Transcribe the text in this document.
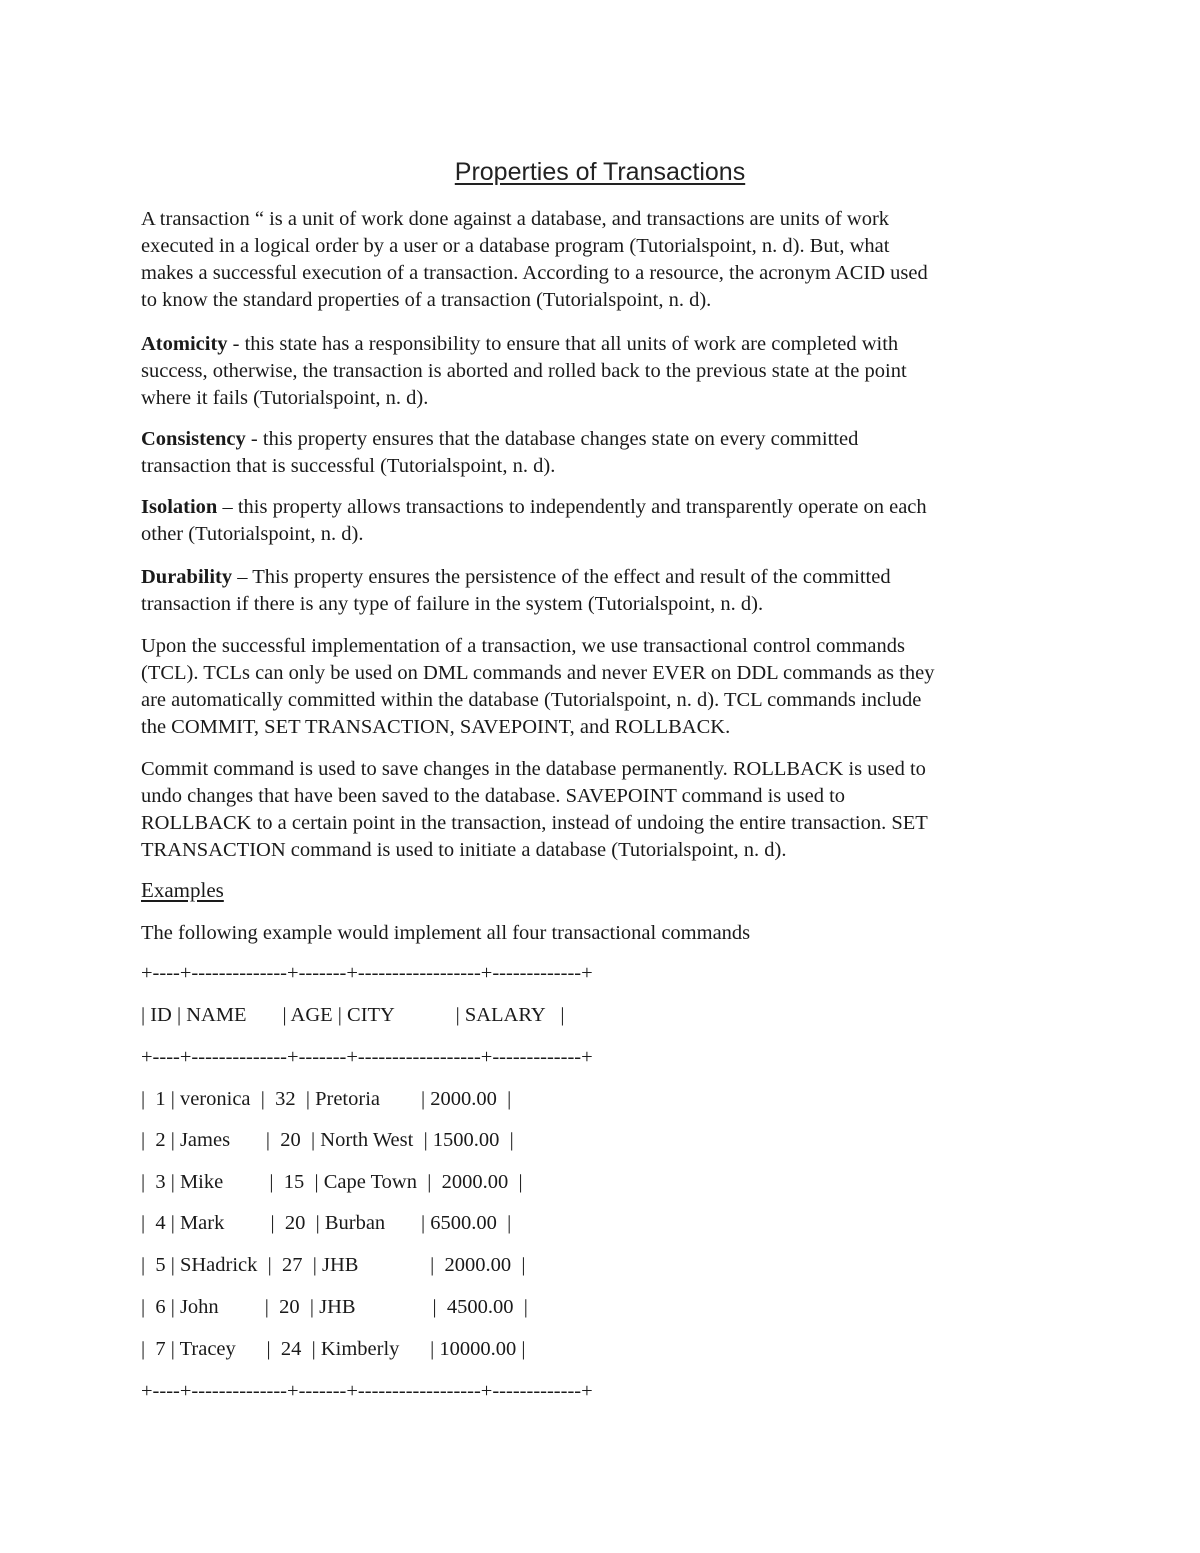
Properties of Transactions
A transaction “ is a unit of work done against a database, and transactions are units of work
executed in a logical order by a user or a database program (Tutorialspoint, n. d). But, what
makes a successful execution of a transaction. According to a resource, the acronym ACID used
to know the standard properties of a transaction (Tutorialspoint, n. d).
Atomicity - this state has a responsibility to ensure that all units of work are completed with
success, otherwise, the transaction is aborted and rolled back to the previous state at the point
where it fails (Tutorialspoint, n. d).
Consistency - this property ensures that the database changes state on every committed
transaction that is successful (Tutorialspoint, n. d).
Isolation – this property allows transactions to independently and transparently operate on each
other (Tutorialspoint, n. d).
Durability – This property ensures the persistence of the effect and result of the committed
transaction if there is any type of failure in the system (Tutorialspoint, n. d).
Upon the successful implementation of a transaction, we use transactional control commands
(TCL). TCLs can only be used on DML commands and never EVER on DDL commands as they
are automatically committed within the database (Tutorialspoint, n. d). TCL commands include
the COMMIT, SET TRANSACTION, SAVEPOINT, and ROLLBACK.
Commit command is used to save changes in the database permanently. ROLLBACK is used to
undo changes that have been saved to the database. SAVEPOINT command is used to
ROLLBACK to a certain point in the transaction, instead of undoing the entire transaction. SET
TRANSACTION command is used to initiate a database (Tutorialspoint, n. d).
Examples
The following example would implement all four transactional commands
+----+--------------+-------+------------------+-------------+
| ID | NAME       | AGE | CITY            | SALARY   |
+----+--------------+-------+------------------+-------------+
|  1 | veronica  |  32  | Pretoria        | 2000.00  |
|  2 | James       |  20  | North West  | 1500.00  |
|  3 | Mike         |  15  | Cape Town  |  2000.00  |
|  4 | Mark         |  20  | Burban       | 6500.00  |
|  5 | SHadrick  |  27  | JHB              |  2000.00  |
|  6 | John         |  20  | JHB               |  4500.00  |
|  7 | Tracey      |  24  | Kimberly      | 10000.00 |
+----+--------------+-------+------------------+-------------+
